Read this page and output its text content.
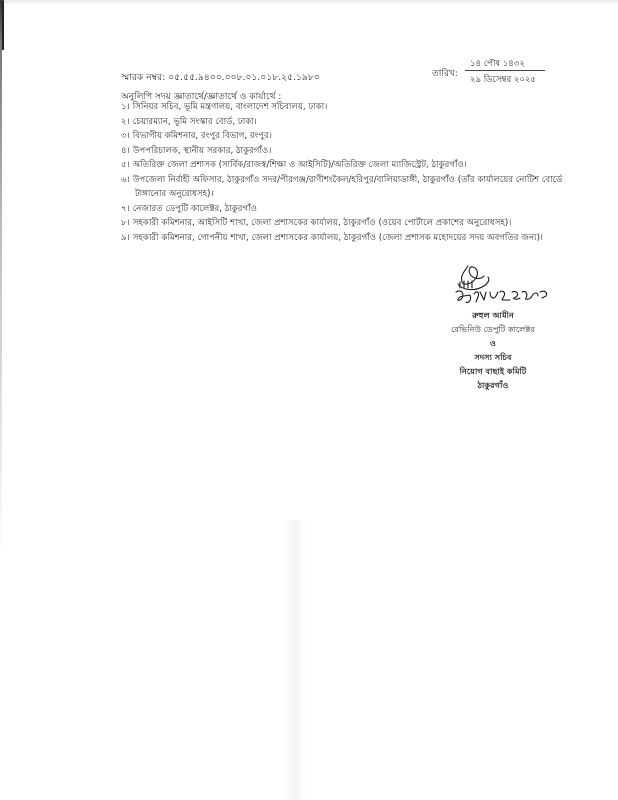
স্মারক নম্বর: ০৫.৫৫.৯৪০০.০০৮.০১.০১৮.২৫.১৯৮০	তারিখ:
১৪ পৌষ ১৪৩২
২৯ ডিসেম্বর ২০২৫
অনুলিপি সদয় জ্ঞাতার্থে/জ্ঞাতার্থে ও কার্যার্থে :
১। সিনিয়র সচিব, ভূমি মন্ত্রণালয়, বাংলাদেশ সচিবালয়, ঢাকা।
২। চেয়ারম্যান, ভূমি সংস্কার বোর্ড, ঢাকা।
৩। বিভাগীয় কমিশনার, রংপুর বিভাগ, রংপুর।
৪। উপপরিচালক, স্থানীয় সরকার, ঠাকুরগাঁও।
৫। অতিরিক্ত জেলা প্রশাসক (সার্বিক/রাজস্ব/শিক্ষা ও আইসিটি)/অতিরিক্ত জেলা ম্যাজিস্ট্রেট, ঠাকুরগাঁও।
৬। উপজেলা নির্বাহী অফিসার, ঠাকুরগাঁও সদর/পীরগঞ্জ/রাণীশংকৈল/হরিপুর/বালিয়াডাঙ্গী, ঠাকুরগাঁও (তাঁর কার্যালয়ের নোটিশ বোর্ডে
টাঙ্গানোর অনুরোধসহ)।
৭। নেজারত ডেপুটি কালেক্টর, ঠাকুরগাঁও
৮। সহকারী কমিশনার, আইসিটি শাখা, জেলা প্রশাসকের কার্যালয়, ঠাকুরগাঁও (ওয়েব পোর্টালে প্রকাশের অনুরোধসহ)।
৯। সহকারী কমিশনার, গোপনীয় শাখা, জেলা প্রশাসকের কার্যালয়, ঠাকুরগাঁও (জেলা প্রশাসক মহোদয়ের সদয় অবগতির জন্য)।
রুহুল আমীন
রেভিনিউ ডেপুটি কালেক্টর
ও
সদস্য সচিব
নিয়োগ বাছাই কমিটি
ঠাকুরগাঁও
